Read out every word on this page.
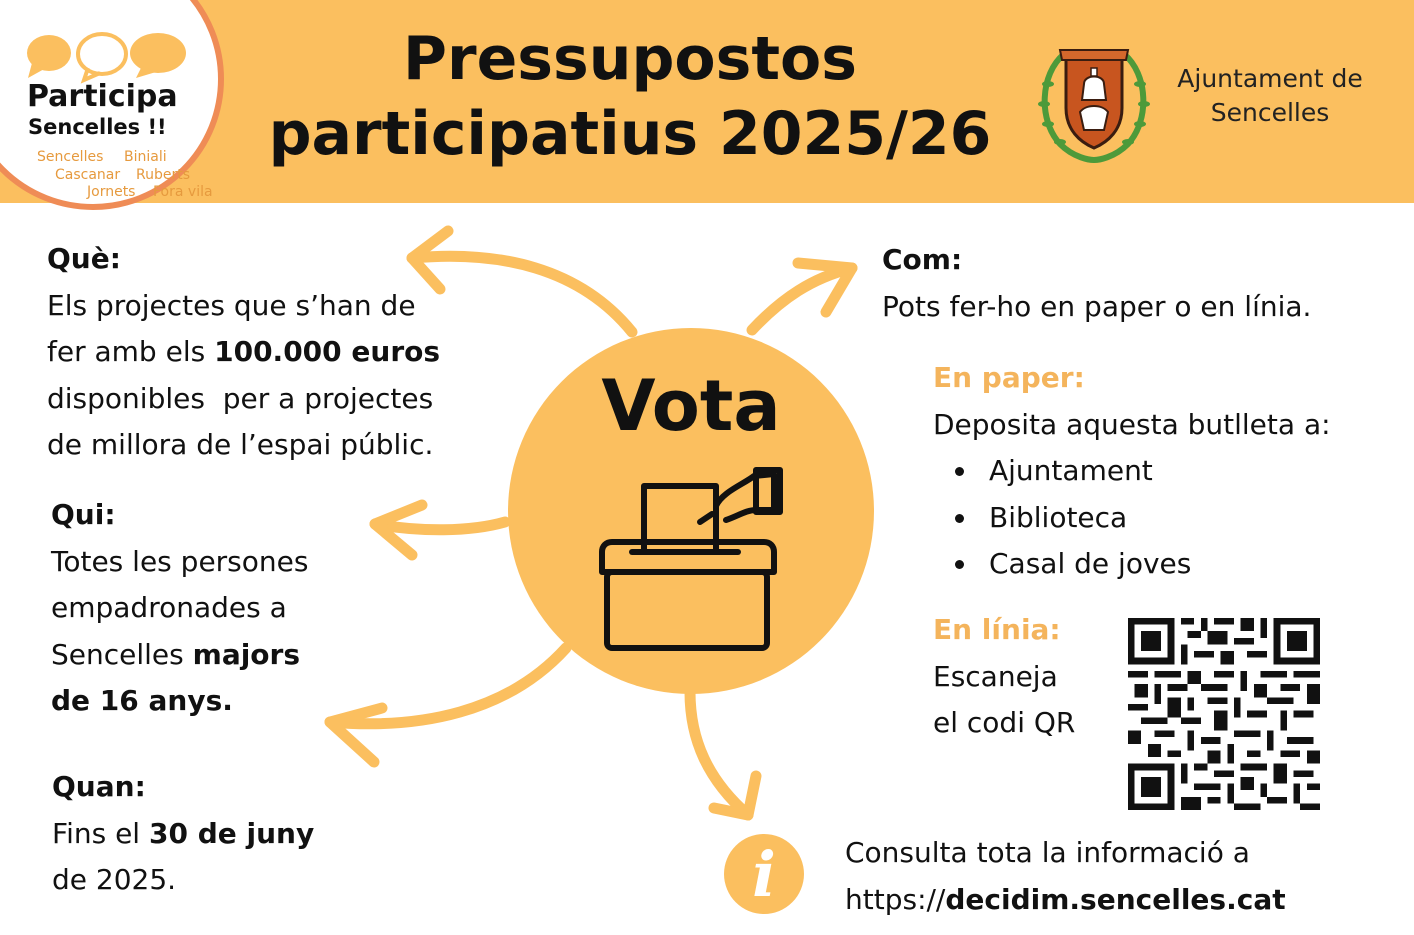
Participa
Sencelles !!
Sencelles Biniali
Cascanar Ruberts
Jornets Fora vila
Pressupostos
participatius 2025/26
Ajuntament de
Sencelles
Vota
Què:
Els projectes que s’han de
fer amb els 100.000 euros
disponibles  per a projectes
de millora de l’espai públic.
Qui:
Totes les persones
empadronades a
Sencelles majors
de 16 anys.
Quan:
Fins el 30 de juny
de 2025.
Com:
Pots fer-ho en paper o en línia.
En paper:
Deposita aquesta butlleta a:
Ajuntament
Biblioteca
Casal de joves
En línia:
Escaneja
el codi QR
i	Consulta tota la informació a
https://decidim.sencelles.cat
